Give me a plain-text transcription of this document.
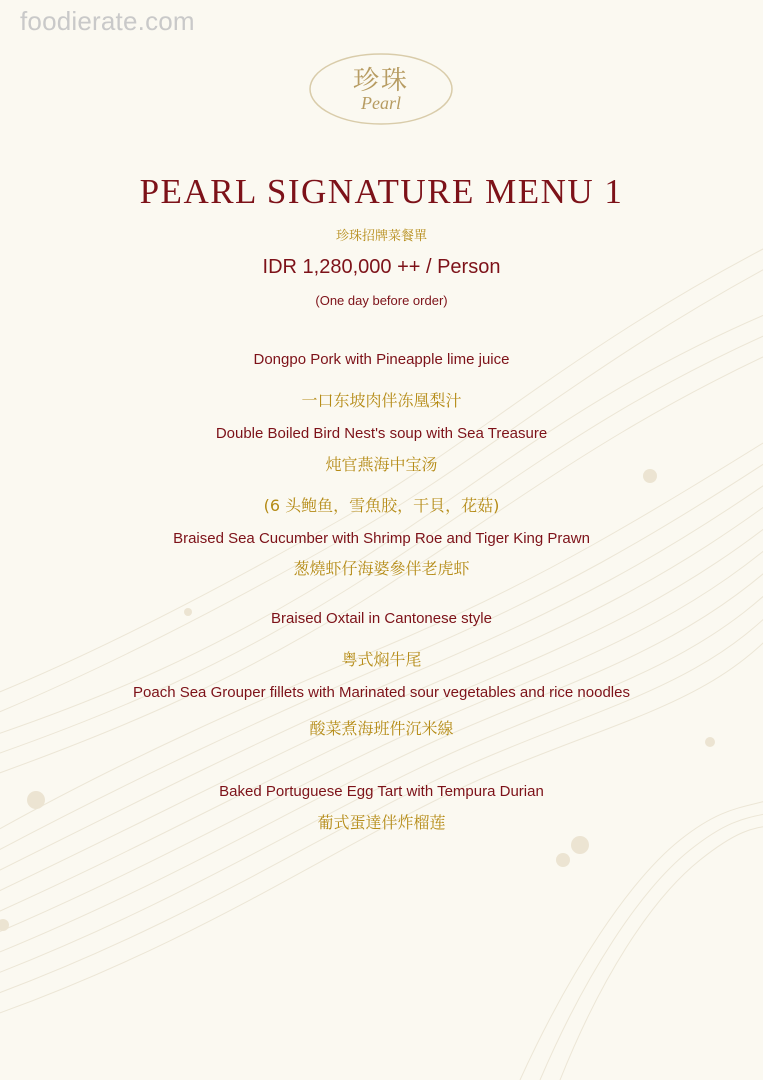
foodierate.com
珍珠
Pearl
PEARL SIGNATURE MENU 1
珍珠招牌菜餐單
IDR 1,280,000 ++ / Person
(One day before order)
Dongpo Pork with Pineapple lime juice
一口东坡肉伴冻凰梨汁
Double Boiled Bird Nest's soup with Sea Treasure
炖官燕海中宝汤
(6 头鲍鱼，雪魚胶，干貝，花菇)
Braised Sea Cucumber with Shrimp Roe and Tiger King Prawn
葱燒虾仔海婆參伴老虎虾
Braised Oxtail in Cantonese style
粤式焖牛尾
Poach Sea Grouper fillets with Marinated sour vegetables and rice noodles
酸菜煮海班件沉米線
Baked Portuguese Egg Tart with Tempura Durian
葡式蛋達伴炸榴莲
